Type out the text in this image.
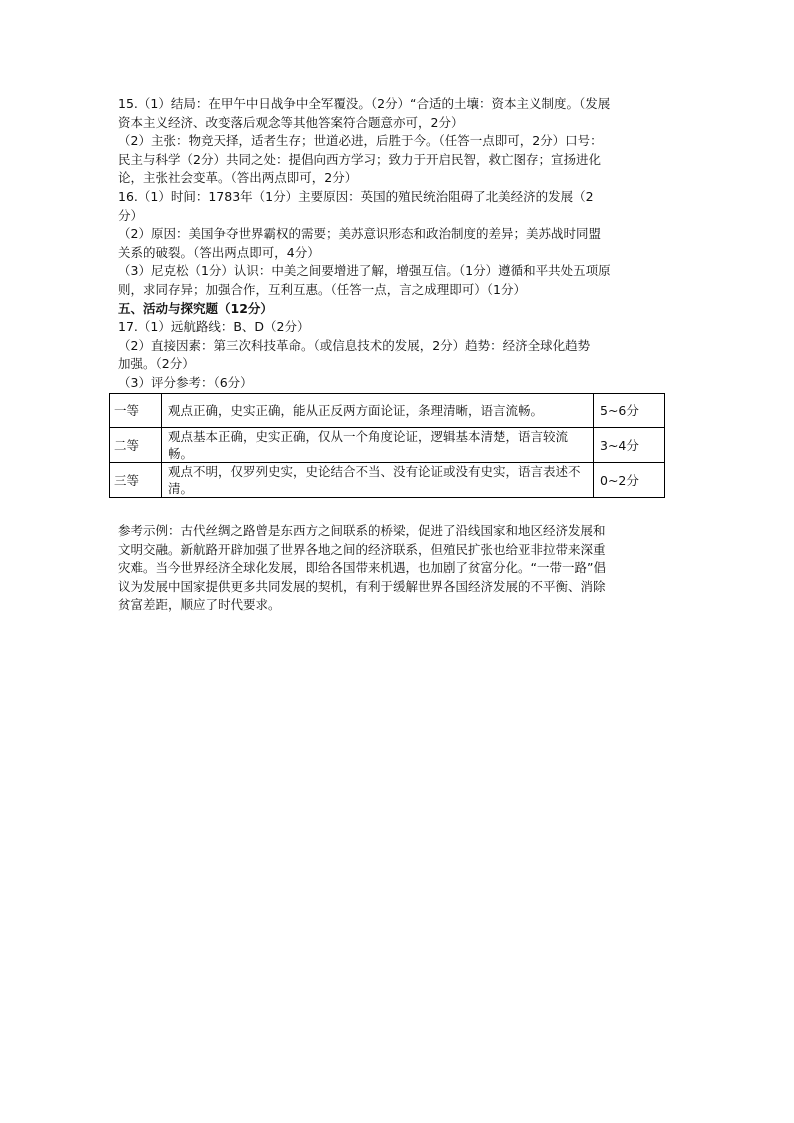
15.（1）结局：在甲午中日战争中全军覆没。（2分）“合适的土壤：资本主义制度。（发展
资本主义经济、改变落后观念等其他答案符合题意亦可，2分）
（2）主张：物竞天择，适者生存；世道必进，后胜于今。（任答一点即可，2分）口号：
民主与科学（2分）共同之处：提倡向西方学习；致力于开启民智，救亡图存；宣扬进化
论，主张社会变革。（答出两点即可，2分）
16.（1）时间：1783年（1分）主要原因：英国的殖民统治阻碍了北美经济的发展（2
分）
（2）原因：美国争夺世界霸权的需要；美苏意识形态和政治制度的差异；美苏战时同盟
关系的破裂。（答出两点即可，4分）
（3）尼克松（1分）认识：中美之间要增进了解，增强互信。（1分）遵循和平共处五项原
则，求同存异；加强合作，互利互惠。（任答一点，言之成理即可）（1分）
五、活动与探究题（12分）
17.（1）远航路线：B、D（2分）
（2）直接因素：第三次科技革命。（或信息技术的发展，2分）趋势：经济全球化趋势
加强。（2分）
（3）评分参考：（6分）
一等	观点正确，史实正确，能从正反两方面论证，条理清晰，语言流畅。	5~6分
二等	观点基本正确，史实正确，仅从一个角度论证，逻辑基本清楚，语言较流畅。	3~4分
三等	观点不明，仅罗列史实，史论结合不当、没有论证或没有史实，语言表述不清。	0~2分
参考示例：古代丝绸之路曾是东西方之间联系的桥梁，促进了沿线国家和地区经济发展和
文明交融。新航路开辟加强了世界各地之间的经济联系，但殖民扩张也给亚非拉带来深重
灾难。当今世界经济全球化发展，即给各国带来机遇，也加剧了贫富分化。“一带一路”倡
议为发展中国家提供更多共同发展的契机，有利于缓解世界各国经济发展的不平衡、消除
贫富差距，顺应了时代要求。
